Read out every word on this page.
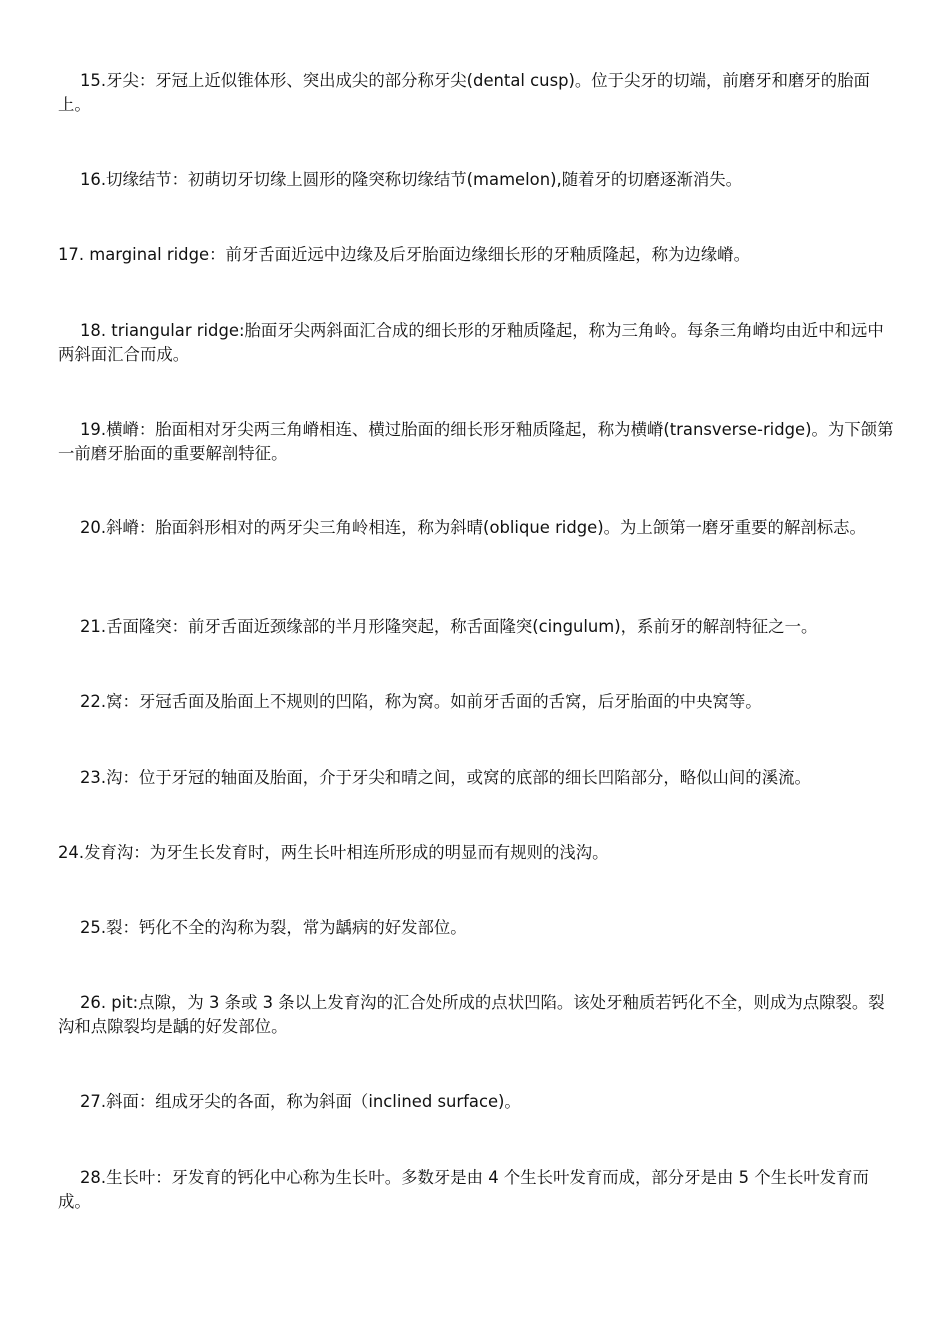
15.牙尖：牙冠上近似锥体形、突出成尖的部分称牙尖(dental cusp)。位于尖牙的切端，前磨牙和磨牙的胎面上。

16.切缘结节：初萌切牙切缘上圆形的隆突称切缘结节(mamelon),随着牙的切磨逐渐消失。

17. marginal ridge：前牙舌面近远中边缘及后牙胎面边缘细长形的牙釉质隆起，称为边缘嵴。

18. triangular ridge:胎面牙尖两斜面汇合成的细长形的牙釉质隆起，称为三角岭。每条三角嵴均由近中和远中两斜面汇合而成。

19.横嵴：胎面相对牙尖两三角嵴相连、横过胎面的细长形牙釉质隆起，称为横嵴(transverse-ridge)。为下颌第一前磨牙胎面的重要解剖特征。

20.斜嵴：胎面斜形相对的两牙尖三角岭相连，称为斜晴(oblique ridge)。为上颌第一磨牙重要的解剖标志。

21.舌面隆突：前牙舌面近颈缘部的半月形隆突起，称舌面隆突(cingulum)，系前牙的解剖特征之一。

22.窝：牙冠舌面及胎面上不规则的凹陷，称为窝。如前牙舌面的舌窝，后牙胎面的中央窝等。

23.沟：位于牙冠的轴面及胎面，介于牙尖和晴之间，或窝的底部的细长凹陷部分，略似山间的溪流。

24.发育沟：为牙生长发育时，两生长叶相连所形成的明显而有规则的浅沟。

25.裂：钙化不全的沟称为裂，常为龋病的好发部位。

26. pit:点隙，为 3 条或 3 条以上发育沟的汇合处所成的点状凹陷。该处牙釉质若钙化不全，则成为点隙裂。裂沟和点隙裂均是龋的好发部位。

27.斜面：组成牙尖的各面，称为斜面（inclined surface)。

28.生长叶：牙发育的钙化中心称为生长叶。多数牙是由 4 个生长叶发育而成，部分牙是由 5 个生长叶发育而成。
